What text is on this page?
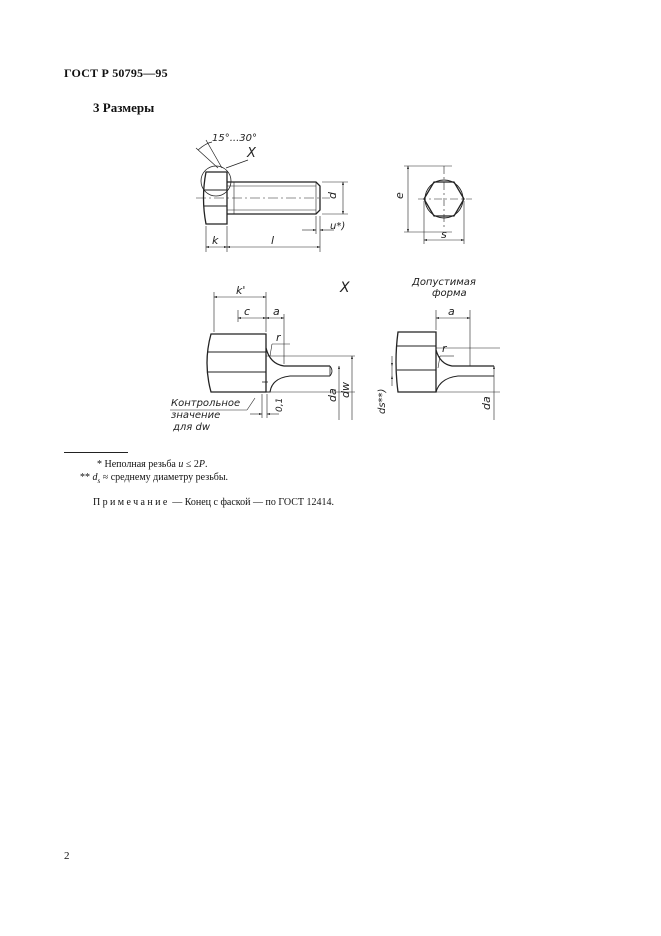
ГОСТ Р 50795—95
3 Размеры
15°...30°
X
d
u*)
k	l
e
s
X	Допустимая
форма
k'
c a
r
da dw
0,1
Контрольное
значение
для dw
a
r
ds**)	da
* Неполная резьба u ≤ 2P.
** $d_s$ ≈ среднему диаметру резьбы.
Примечание — Конец с фаской — по ГОСТ 12414.
2
